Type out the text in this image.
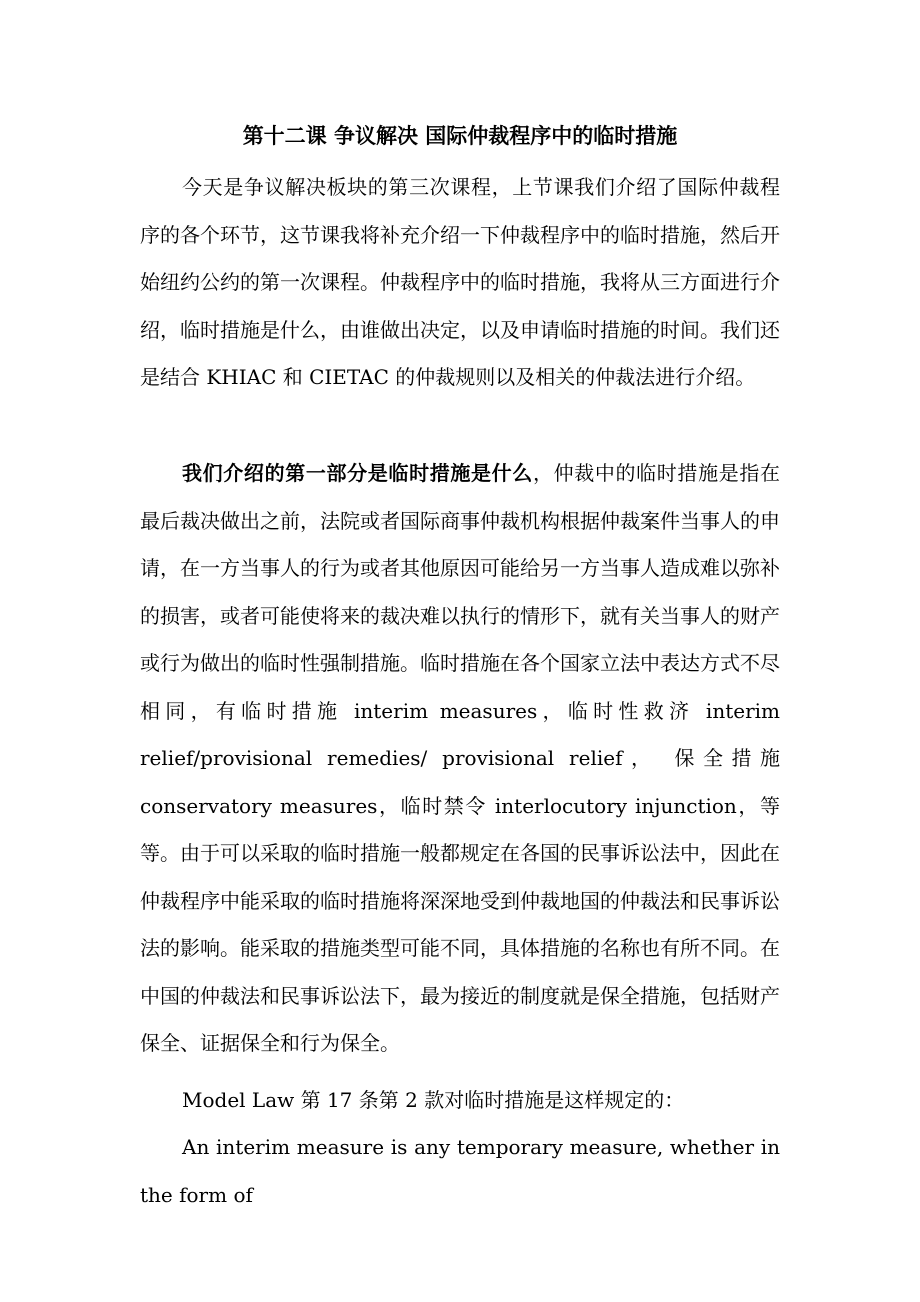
第十二课 争议解决 国际仲裁程序中的临时措施

今天是争议解决板块的第三次课程，上节课我们介绍了国际仲裁程序的各个环节，这节课我将补充介绍一下仲裁程序中的临时措施，然后开始纽约公约的第一次课程。仲裁程序中的临时措施，我将从三方面进行介绍，临时措施是什么，由谁做出决定，以及申请临时措施的时间。我们还是结合 KHIAC 和 CIETAC 的仲裁规则以及相关的仲裁法进行介绍。

我们介绍的第一部分是临时措施是什么，仲裁中的临时措施是指在最后裁决做出之前，法院或者国际商事仲裁机构根据仲裁案件当事人的申请，在一方当事人的行为或者其他原因可能给另一方当事人造成难以弥补的损害，或者可能使将来的裁决难以执行的情形下，就有关当事人的财产或行为做出的临时性强制措施。临时措施在各个国家立法中表达方式不尽相同，有临时措施 interim measures，临时性救济 interim relief/provisional remedies/ provisional relief， 保全措施 conservatory measures，临时禁令 interlocutory injunction，等等。由于可以采取的临时措施一般都规定在各国的民事诉讼法中，因此在仲裁程序中能采取的临时措施将深深地受到仲裁地国的仲裁法和民事诉讼法的影响。能采取的措施类型可能不同，具体措施的名称也有所不同。在中国的仲裁法和民事诉讼法下，最为接近的制度就是保全措施，包括财产保全、证据保全和行为保全。

Model Law 第 17 条第 2 款对临时措施是这样规定的：

An interim measure is any temporary measure, whether in the form of
